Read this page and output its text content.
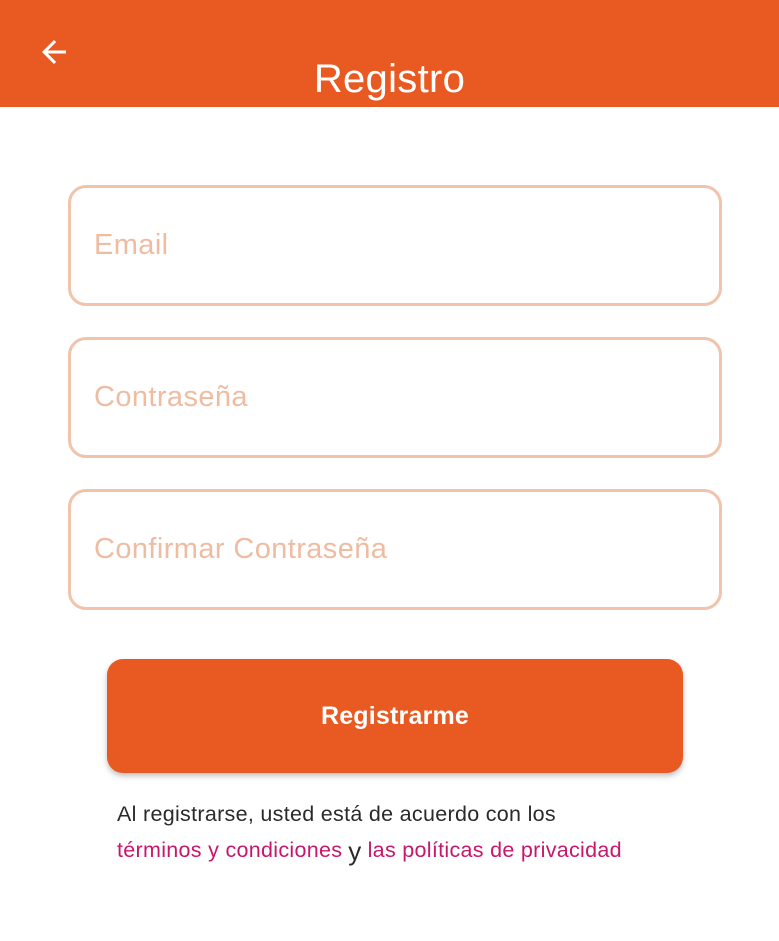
Registro
Email
Registrarme
Al registrarse, usted está de acuerdo con los
términos y condiciones y las políticas de privacidad
